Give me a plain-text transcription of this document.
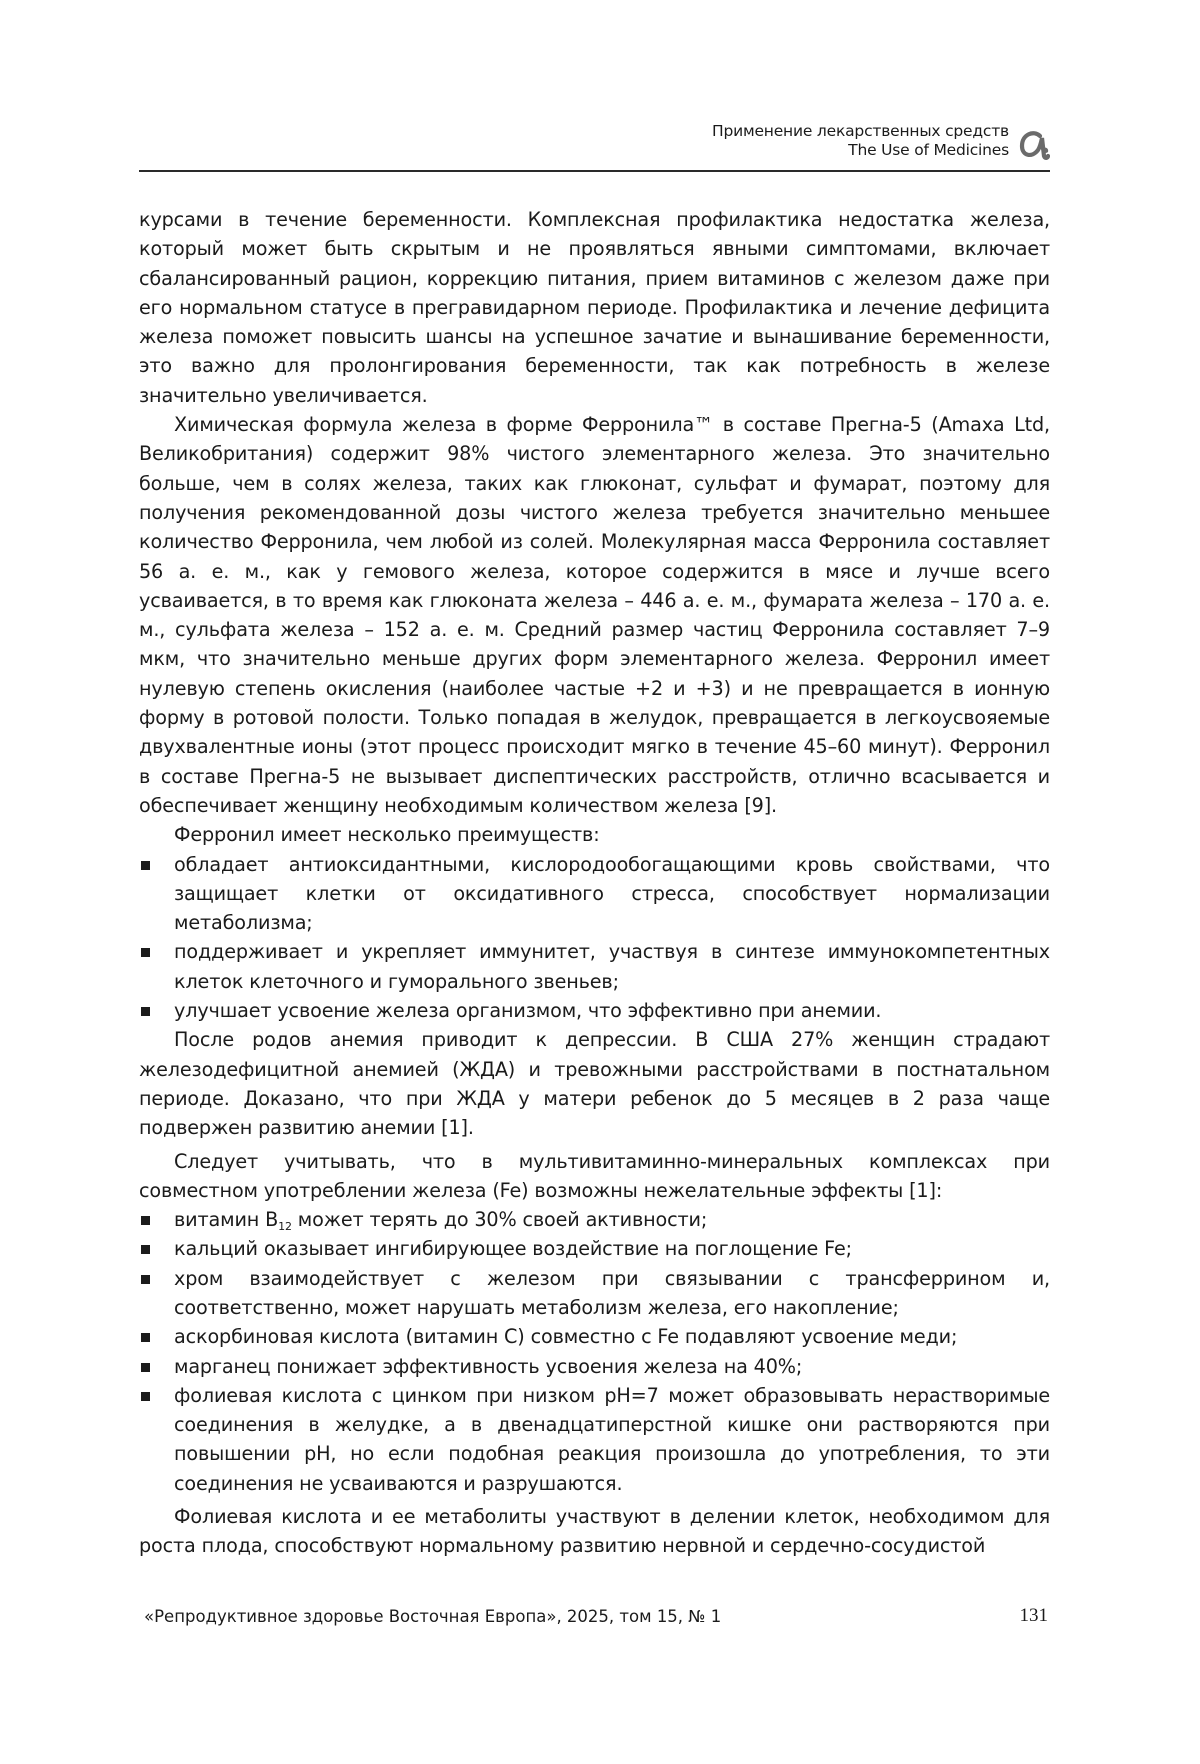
Применение лекарственных средств
The Use of Medicines

курсами в течение беременности. Комплексная профилактика недостатка железа, который может быть скрытым и не проявляться явными симптомами, включает сбалансированный рацион, коррекцию питания, прием витаминов с железом даже при его нормальном статусе в прегравидарном периоде. Профилактика и лечение дефицита железа поможет повысить шансы на успешное зачатие и вынашивание беременности, это важно для пролонгирования беременности, так как потребность в железе значительно увеличивается.

Химическая формула железа в форме Ферронила™ в составе Прегна-5 (Amaxa Ltd, Великобритания) содержит 98% чистого элементарного железа. Это значительно больше, чем в солях железа, таких как глюконат, сульфат и фумарат, поэтому для получения рекомендованной дозы чистого железа требуется значительно меньшее количество Ферронила, чем любой из солей. Молекулярная масса Ферронила составляет 56 а. е. м., как у гемового железа, которое содержится в мясе и лучше всего усваивается, в то время как глюконата железа – 446 а. е. м., фумарата железа – 170 а. е. м., сульфата железа – 152 а. е. м. Средний размер частиц Ферронила составляет 7–9 мкм, что значительно меньше других форм элементарного железа. Ферронил имеет нулевую степень окисления (наиболее частые +2 и +3) и не превращается в ионную форму в ротовой полости. Только попадая в желудок, превращается в легкоусвояемые двухвалентные ионы (этот процесс происходит мягко в течение 45–60 минут). Ферронил в составе Прегна-5 не вызывает диспептических расстройств, отлично всасывается и обеспечивает женщину необходимым количеством железа [9].

Ферронил имеет несколько преимуществ:

обладает антиоксидантными, кислородообогащающими кровь свойствами, что защищает клетки от оксидативного стресса, способствует нормализации метаболизма;
поддерживает и укрепляет иммунитет, участвуя в синтезе иммунокомпетентных клеток клеточного и гуморального звеньев;
улучшает усвоение железа организмом, что эффективно при анемии.

После родов анемия приводит к депрессии. В США 27% женщин страдают железодефицитной анемией (ЖДА) и тревожными расстройствами в постнатальном периоде. Доказано, что при ЖДА у матери ребенок до 5 месяцев в 2 раза чаще подвержен развитию анемии [1].

Следует учитывать, что в мультивитаминно-минеральных комплексах при совместном употреблении железа (Fe) возможны нежелательные эффекты [1]:

витамин $B_{12}$ может терять до 30% своей активности;
кальций оказывает ингибирующее воздействие на поглощение Fe;
хром взаимодействует с железом при связывании с трансферрином и, соответственно, может нарушать метаболизм железа, его накопление;
аскорбиновая кислота (витамин С) совместно с Fe подавляют усвоение меди;
марганец понижает эффективность усвоения железа на 40%;
фолиевая кислота с цинком при низком pH=7 может образовывать нерастворимые соединения в желудке, а в двенадцатиперстной кишке они растворяются при повышении pH, но если подобная реакция произошла до употребления, то эти соединения не усваиваются и разрушаются.

Фолиевая кислота и ее метаболиты участвуют в делении клеток, необходимом для роста плода, способствуют нормальному развитию нервной и сердечно-сосудистой

«Репродуктивное здоровье Восточная Европа», 2025, том 15, № 1	131
